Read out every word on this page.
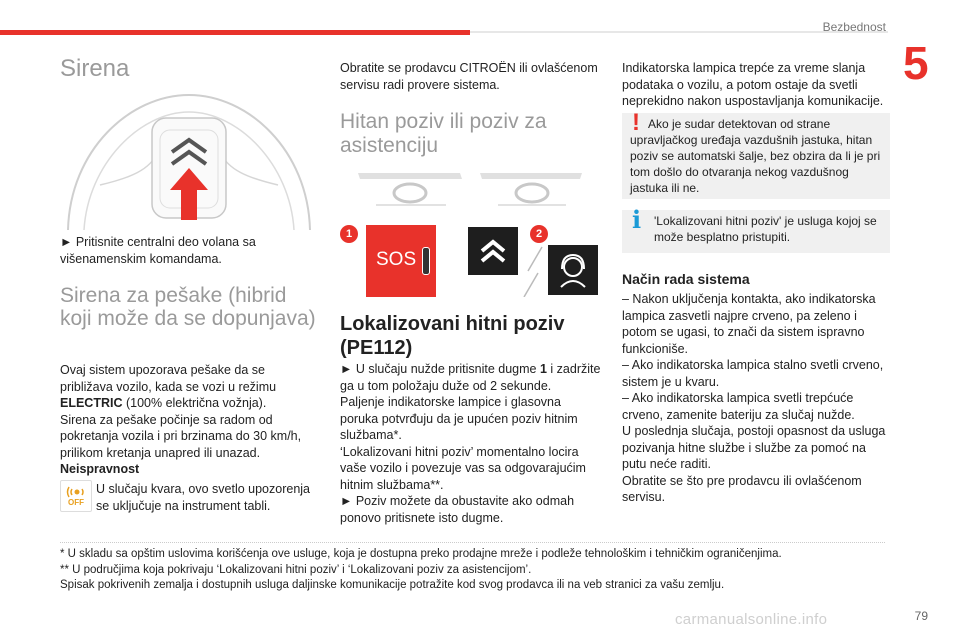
Bezbednost
5
Sirena
► Pritisnite centralni deo volana sa višenamenskim komandama.
Sirena za pešake (hibrid koji može da se dopunjava)

Ovaj sistem upozorava pešake da se približava vozilo, kada se vozi u režimu ELECTRIC (100% električna vožnja).

Sirena za pešake počinje sa radom od pokretanja vozila i pri brzinama do 30 km/h, prilikom kretanja unapred ili unazad.

Neispravnost
OFF
U slučaju kvara, ovo svetlo upozorenja se uključuje na instrument tabli.
Obratite se prodavcu CITROËN ili ovlašćenom servisu radi provere sistema.
Hitan poziv ili poziv za asistenciju
1
SOS
2
Lokalizovani hitni poziv (PE112)

► U slučaju nužde pritisnite dugme 1 i zadržite ga u tom položaju duže od 2 sekunde.

Paljenje indikatorske lampice i glasovna poruka potvrđuju da je upućen poziv hitnim službama*.

‘Lokalizovani hitni poziv’ momentalno locira vaše vozilo i povezuje vas sa odgovarajućim hitnim službama**.

► Poziv možete da obustavite ako odmah ponovo pritisnete isto dugme.

Indikatorska lampica trepće za vreme slanja podataka o vozilu, a potom ostaje da svetli neprekidno nakon uspostavljanja komunikacije.
! Ako je sudar detektovan od strane upravljačkog uređaja vazdušnih jastuka, hitan poziv se automatski šalje, bez obzira da li je pri tom došlo do otvaranja nekog vazdušnog jastuka ili ne.
i	'Lokalizovani hitni poziv' je usluga kojoj se može besplatno pristupiti.
Način rada sistema

– Nakon uključenja kontakta, ako indikatorska lampica zasvetli najpre crveno, pa zeleno i potom se ugasi, to znači da sistem ispravno funkcioniše.

– Ako indikatorska lampica stalno svetli crveno, sistem je u kvaru.

– Ako indikatorska lampica svetli trepćuće crveno, zamenite bateriju za slučaj nužde.

U poslednja slučaja, postoji opasnost da usluga pozivanja hitne službe i službe za pomoć na putu neće raditi.

Obratite se što pre prodavcu ili ovlašćenom servisu.

* U skladu sa opštim uslovima korišćenja ove usluge, koja je dostupna preko prodajne mreže i podleže tehnološkim i tehničkim ograničenjima.

** U područjima koja pokrivaju ‘Lokalizovani hitni poziv’ i ‘Lokalizovani poziv za asistencijom’.

Spisak pokrivenih zemalja i dostupnih usluga daljinske komunikacije potražite kod svog prodavca ili na veb stranici za vašu zemlju.

carmanualsonline.info	79
